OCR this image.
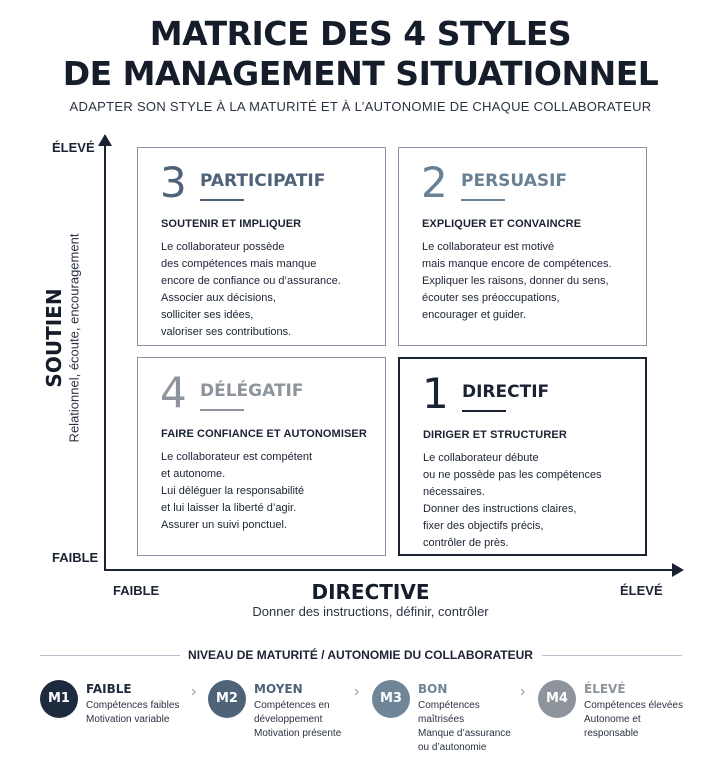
MATRICE DES 4 STYLES
DE MANAGEMENT SITUATIONNEL
ADAPTER SON STYLE À LA MATURITÉ ET À L’AUTONOMIE DE CHAQUE COLLABORATEUR
ÉLEVÉ
FAIBLE
FAIBLE	ÉLEVÉ
SOUTIEN Relationnel, écoute, encouragement
DIRECTIVE
Donner des instructions, définir, contrôler
3 PARTICIPATIF
SOUTENIR ET IMPLIQUER
Le collaborateur possède
des compétences mais manque
encore de confiance ou d’assurance.
Associer aux décisions,
solliciter ses idées,
valoriser ses contributions.
2 PERSUASIF
EXPLIQUER ET CONVAINCRE
Le collaborateur est motivé
mais manque encore de compétences.
Expliquer les raisons, donner du sens,
écouter ses préoccupations,
encourager et guider.
4 DÉLÉGATIF
FAIRE CONFIANCE ET AUTONOMISER
Le collaborateur est compétent
et autonome.
Lui déléguer la responsabilité
et lui laisser la liberté d’agir.
Assurer un suivi ponctuel.
1 DIRECTIF
DIRIGER ET STRUCTURER
Le collaborateur débute
ou ne possède pas les compétences
nécessaires.
Donner des instructions claires,
fixer des objectifs précis,
contrôler de près.
NIVEAU DE MATURITÉ / AUTONOMIE DU COLLABORATEUR
M1
FAIBLE
Compétences faibles
Motivation variable
›	M2
MOYEN
Compétences en
développement
Motivation présente
›	M3
BON
Compétences
maîtrisées
Manque d’assurance
ou d’autonomie
›	M4
ÉLEVÉ
Compétences élevées
Autonome et
responsable
